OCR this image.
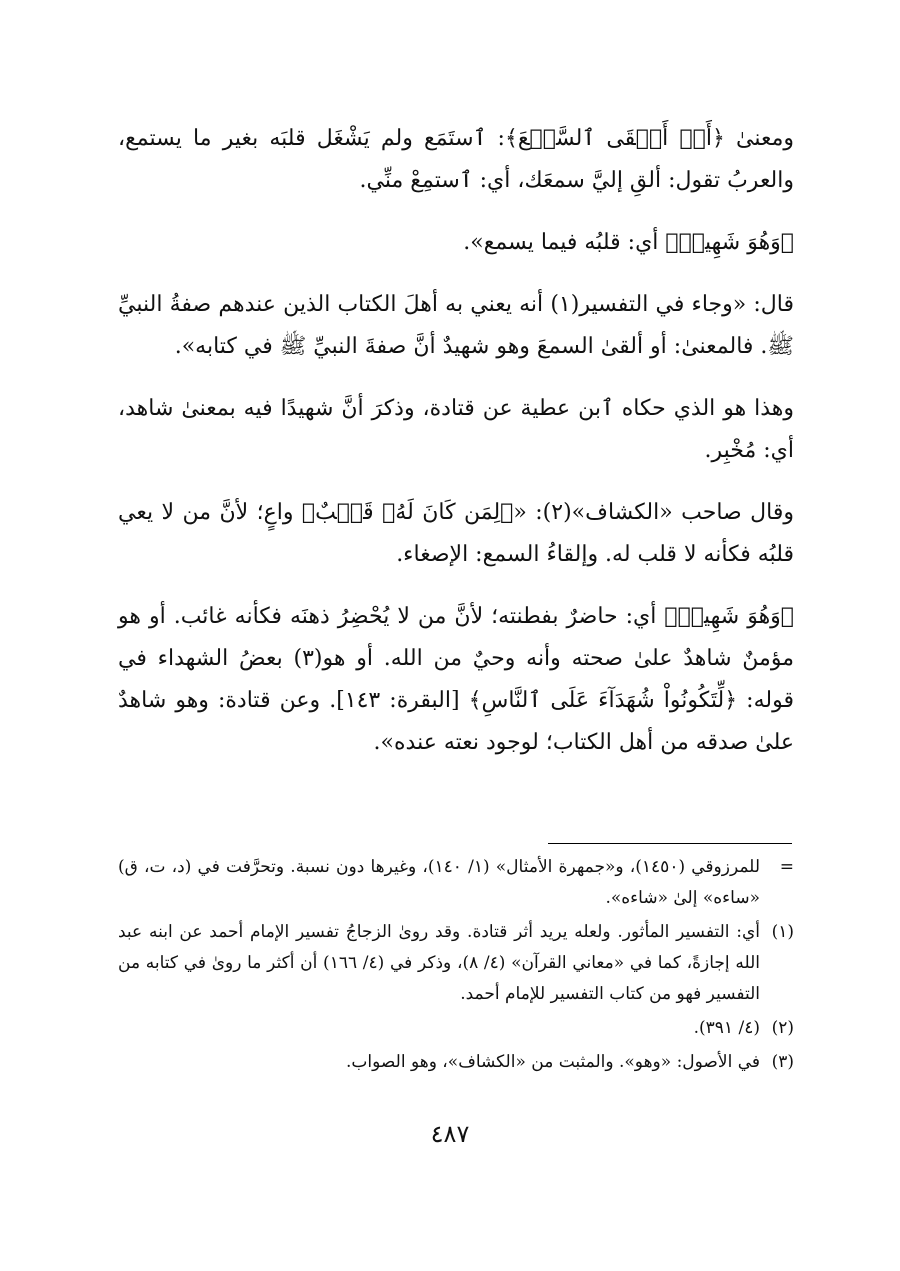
ومعنىٰ ﴿أَوۡ أَلۡقَى ٱلسَّمۡعَ﴾: ٱستَمَع ولم يَشْغَل قلبَه بغير ما يستمع، والعربُ تقول: ألقِ إليَّ سمعَك، أي: ٱستمِعْ منِّي.

﴿وَهُوَ شَهِيدٞ﴾ أي: قلبُه فيما يسمع».

قال: «وجاء في التفسير(١) أنه يعني به أهلَ الكتاب الذين عندهم صفةُ النبيِّ ﷺ. فالمعنىٰ: أو ألقىٰ السمعَ وهو شهيدٌ أنَّ صفةَ النبيِّ ﷺ في كتابه».

وهذا هو الذي حكاه ٱبن عطية عن قتادة، وذكرَ أنَّ شهيدًا فيه بمعنىٰ شاهد، أي: مُخْبِر.

وقال صاحب «الكشاف»(٢): «﴿لِمَن كَانَ لَهُۥ قَلۡبٌ﴾ واعٍ؛ لأنَّ من لا يعي قلبُه فكأنه لا قلب له. وإلقاءُ السمع: الإصغاء.

﴿وَهُوَ شَهِيدٞ﴾ أي: حاضرٌ بفطنته؛ لأنَّ من لا يُحْضِرُ ذهنَه فكأنه غائب. أو هو مؤمنٌ شاهدٌ علىٰ صحته وأنه وحيٌ من الله. أو هو(٣) بعضُ الشهداء في قوله: ﴿لِّتَكُونُواْ شُهَدَآءَ عَلَى ٱلنَّاسِ﴾ [البقرة: ١٤٣]. وعن قتادة: وهو شاهدٌ علىٰ صدقه من أهل الكتاب؛ لوجود نعته عنده».

=
للمرزوقي (١٤٥٠)، و«جمهرة الأمثال» (١/ ١٤٠)، وغيرها دون نسبة. وتحرَّفت في (د، ت، ق) «ساءه» إلىٰ «شاءه».
(١)
أي: التفسير المأثور. ولعله يريد أثر قتادة. وقد روىٰ الزجاجُ تفسير الإمام أحمد عن ابنه عبد الله إجازةً، كما في «معاني القرآن» (٤/ ٨)، وذكر في (٤/ ١٦٦) أن أكثر ما روىٰ في كتابه من التفسير فهو من كتاب التفسير للإمام أحمد.
(٢)
(٤/ ٣٩١).
(٣)
في الأصول: «وهو». والمثبت من «الكشاف»، وهو الصواب.
٤٨٧
